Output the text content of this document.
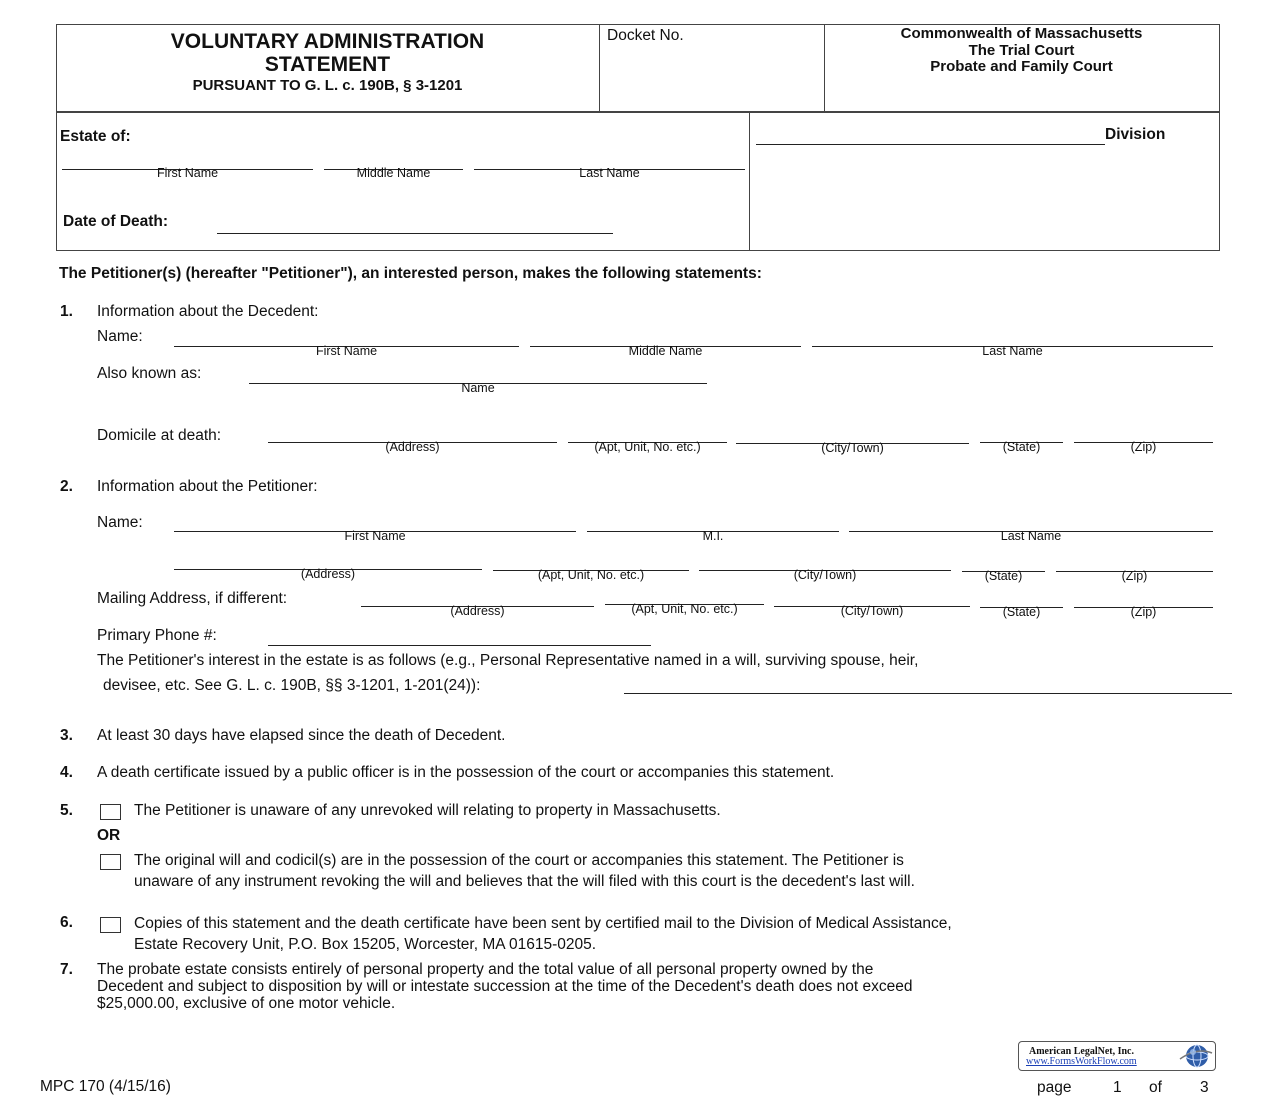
VOLUNTARY ADMINISTRATION
STATEMENT
PURSUANT TO G. L. c. 190B, § 3-1201
Docket No.	Commonwealth of Massachusetts
The Trial Court
Probate and Family Court
Estate of:
First Name	Middle Name	Last Name
Date of Death:
Division
The Petitioner(s) (hereafter "Petitioner"), an interested person, makes the following statements:
1. Information about the Decedent:
Name:
First Name	Middle Name	Last Name
Also known as:
Name
Domicile at death:
(Address)	(Apt, Unit, No. etc.)	(City/Town)	(State)	(Zip)
2. Information about the Petitioner:
Name:
First Name	M.I.	Last Name
(Address)	(Apt, Unit, No. etc.)	(City/Town)	(State)	(Zip)
Mailing Address, if different:
(Address)	(Apt, Unit, No. etc.)	(City/Town)	(State)	(Zip)
Primary Phone #:
The Petitioner's interest in the estate is as follows (e.g., Personal Representative named in a will, surviving spouse, heir,
devisee, etc. See G. L. c. 190B, §§ 3-1201, 1-201(24)):
3. At least 30 days have elapsed since the death of Decedent.
4. A death certificate issued by a public officer is in the possession of the court or accompanies this statement.
5.	The Petitioner is unaware of any unrevoked will relating to property in Massachusetts.
OR
The original will and codicil(s) are in the possession of the court or accompanies this statement. The Petitioner is
unaware of any instrument revoking the will and believes that the will filed with this court is the decedent's last will.
6.	Copies of this statement and the death certificate have been sent by certified mail to the Division of Medical Assistance,
Estate Recovery Unit, P.O. Box 15205, Worcester, MA 01615-0205.
7. The probate estate consists entirely of personal property and the total value of all personal property owned by the
Decedent and subject to disposition by will or intestate succession at the time of the Decedent's death does not exceed
$25,000.00, exclusive of one motor vehicle.
American LegalNet, Inc.
www.FormsWorkFlow.com
MPC 170 (4/15/16)	page	1 of 3
